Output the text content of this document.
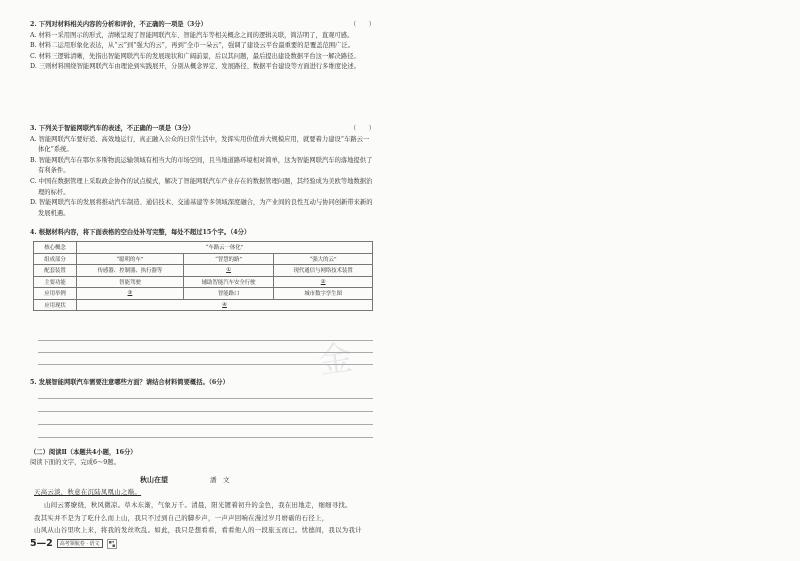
金
2. 下列对材料相关内容的分析和评价，不正确的一项是（3分）	（　　）
A. 材料一采用图示的形式，清晰呈现了智能网联汽车、智能汽车等相关概念之间的逻辑关联，简洁明了，直观可感。
B. 材料二运用形象化表达，从“云”到“强大的云”，再到“全市一朵云”，强调了建设云平台最重要的是覆盖范围广泛。
C. 材料三逻辑清晰，先指出智能网联汽车的发展现状和广阔前景，后以其问题，最后提出建设数据平台这一解决路径。
D. 三则材料围绕智能网联汽车由理论到实践展开，分别从概念界定、发展路径、数据平台建设等方面进行多维度论述。
3. 下列关于智能网联汽车的表述，不正确的一项是（3分）	（　　）
A. 智能网联汽车要好适、高效地运行，真正融入公众的日常生活中，发挥实用价值并大规模应用，就要着力建设“车路云一体化”系统。
B. 智能网联汽车在鄂尔多斯物流运输领域有相当大的市场空间，且当地道路环境相对简单，这为智能网联汽车的落地提供了有利条件。
C. 中国在数据管理上采取政企协作的试点模式，解决了智能网联汽车产业存在的数据管理问题，其经验成为美欧等地数据治理的标杆。
D. 智能网联汽车的发展将推动汽车制造、通信技术、交通基建等多领域深度融合，为产业间的良性互动与协同创新带来新的发展机遇。
4. 根据材料内容，将下面表格的空白处补写完整，每处不超过15个字。（4分）
核心概念	“车路云一体化”		
组成部分	“聪明的车”	“智慧的路”	“强大的云”
配套装置	传感器、控制器、执行器等	①	现代通信与网络技术装置
主要功能	智能驾驶	辅助智能汽车安全行驶	②
应用举例	③	智能路口	城市数字孪生图
应用现状	④		
5. 发展智能网联汽车需要注意哪些方面？请结合材料简要概括。（6分）
（二）阅读Ⅱ（本题共4小题，16分）
阅读下面的文字，完成6～9题。
秋山在望	潘　文
天高云淡，秋意在沉陆凤凰山之巅。
山间云雾缭绕，秋风微凉。草木东渐，气象万千。清晨，阳光镀着初升的金色，我在田地走，细细寻找。
我其实并不是为了吃什么而上山，我只不过到自己的脚步声，一声声回响在漫过岁月磨砺的石径上，
山风从山谷里吹上来，将我的发丝吹乱。如此，我只是想看看，看看他人的一段旅玉而已。忧德间，我以为我计
5—2	高考领航卷 · 语文
